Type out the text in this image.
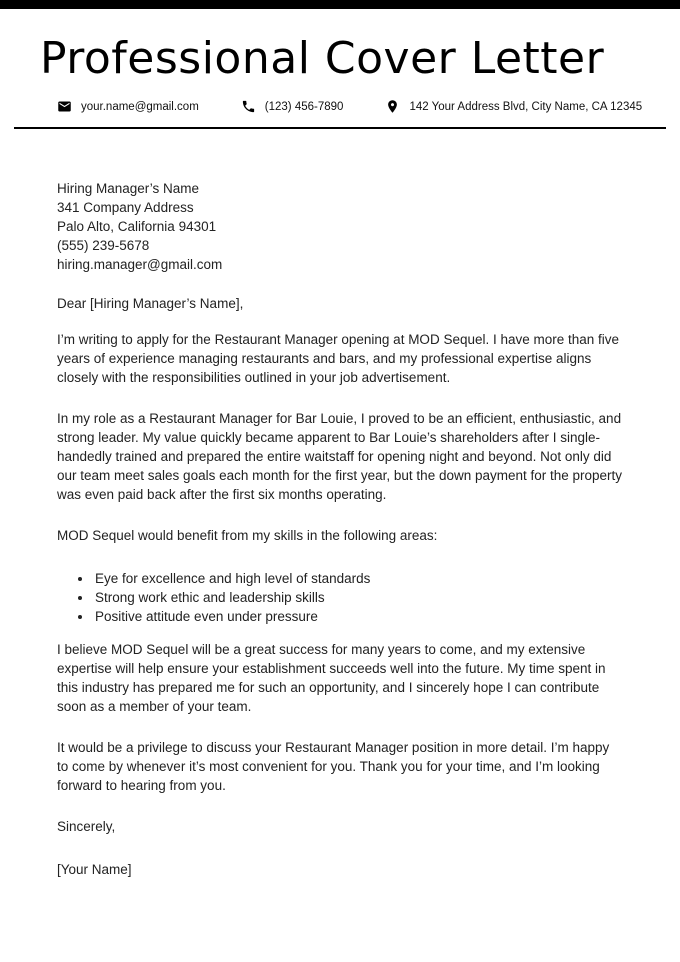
Professional Cover Letter
your.name@gmail.com	(123) 456-7890	142 Your Address Blvd, City Name, CA 12345
Hiring Manager’s Name
341 Company Address
Palo Alto, California 94301
(555) 239-5678
hiring.manager@gmail.com

Dear [Hiring Manager’s Name],

I’m writing to apply for the Restaurant Manager opening at MOD Sequel. I have more than five years of experience managing restaurants and bars, and my professional expertise aligns closely with the responsibilities outlined in your job advertisement.

In my role as a Restaurant Manager for Bar Louie, I proved to be an efficient, enthusiastic, and strong leader. My value quickly became apparent to Bar Louie’s shareholders after I single-handedly trained and prepared the entire waitstaff for opening night and beyond. Not only did our team meet sales goals each month for the first year, but the down payment for the property was even paid back after the first six months operating.

MOD Sequel would benefit from my skills in the following areas:

• Eye for excellence and high level of standards
• Strong work ethic and leadership skills
• Positive attitude even under pressure

I believe MOD Sequel will be a great success for many years to come, and my extensive expertise will help ensure your establishment succeeds well into the future. My time spent in this industry has prepared me for such an opportunity, and I sincerely hope I can contribute soon as a member of your team.

It would be a privilege to discuss your Restaurant Manager position in more detail. I’m happy to come by whenever it’s most convenient for you. Thank you for your time, and I’m looking forward to hearing from you.

Sincerely,

[Your Name]
